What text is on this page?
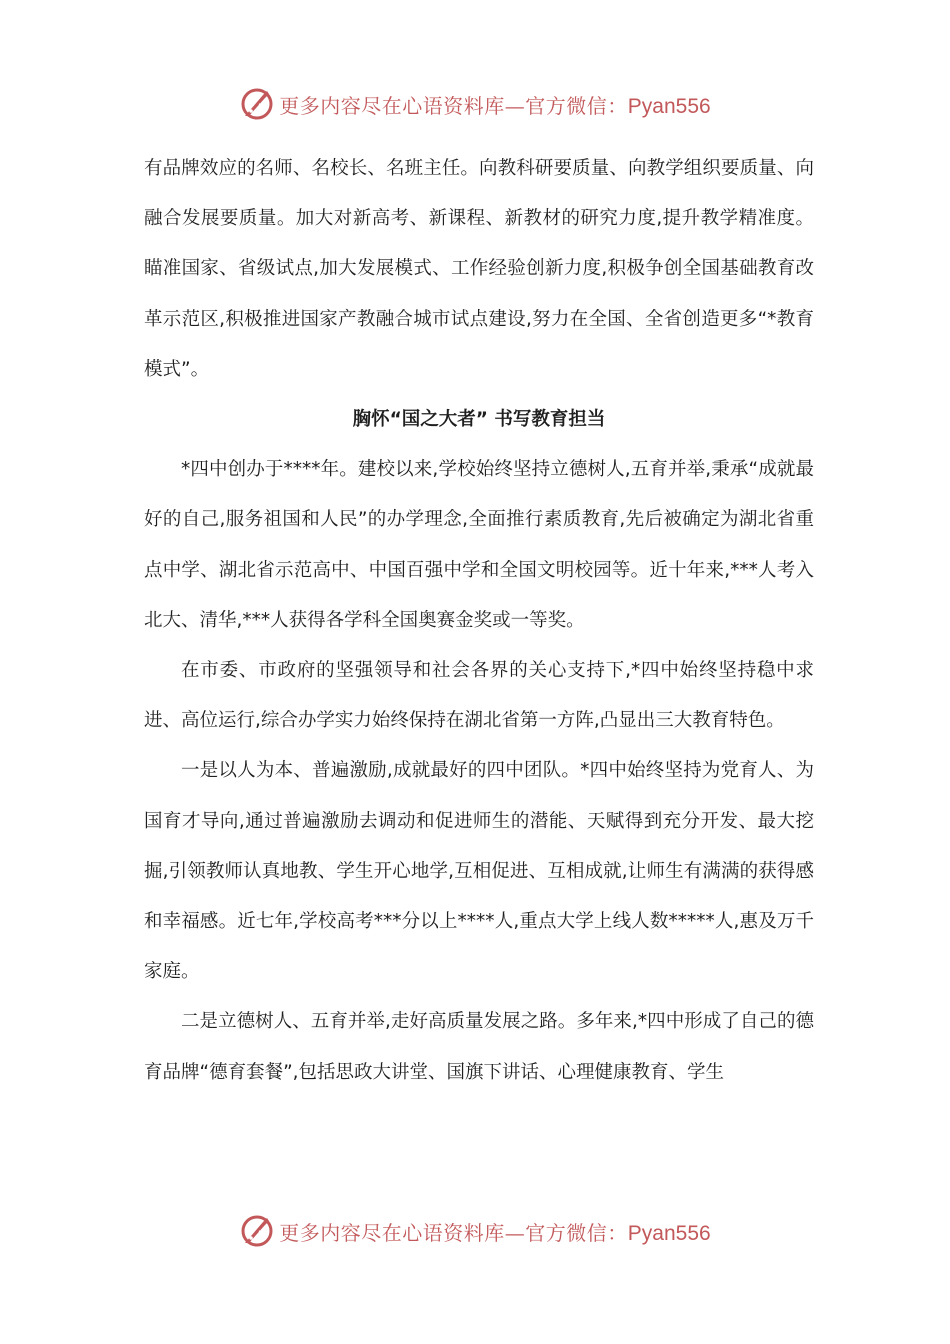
更多内容尽在心语资料库—官方微信：Pyan556

有品牌效应的名师、名校长、名班主任。向教科研要质量、向教学组织要质量、向融合发展要质量。加大对新高考、新课程、新教材的研究力度,提升教学精准度。瞄准国家、省级试点,加大发展模式、工作经验创新力度,积极争创全国基础教育改革示范区,积极推进国家产教融合城市试点建设,努力在全国、全省创造更多“*教育模式”。

胸怀“国之大者” 书写教育担当

*四中创办于****年。建校以来,学校始终坚持立德树人,五育并举,秉承“成就最好的自己,服务祖国和人民”的办学理念,全面推行素质教育,先后被确定为湖北省重点中学、湖北省示范高中、中国百强中学和全国文明校园等。近十年来,***人考入北大、清华,***人获得各学科全国奥赛金奖或一等奖。

在市委、市政府的坚强领导和社会各界的关心支持下,*四中始终坚持稳中求进、高位运行,综合办学实力始终保持在湖北省第一方阵,凸显出三大教育特色。

一是以人为本、普遍激励,成就最好的四中团队。*四中始终坚持为党育人、为国育才导向,通过普遍激励去调动和促进师生的潜能、天赋得到充分开发、最大挖掘,引领教师认真地教、学生开心地学,互相促进、互相成就,让师生有满满的获得感和幸福感。近七年,学校高考***分以上****人,重点大学上线人数*****人,惠及万千家庭。

二是立德树人、五育并举,走好高质量发展之路。多年来,*四中形成了自己的德育品牌“德育套餐”,包括思政大讲堂、国旗下讲话、心理健康教育、学生

更多内容尽在心语资料库—官方微信：Pyan556
